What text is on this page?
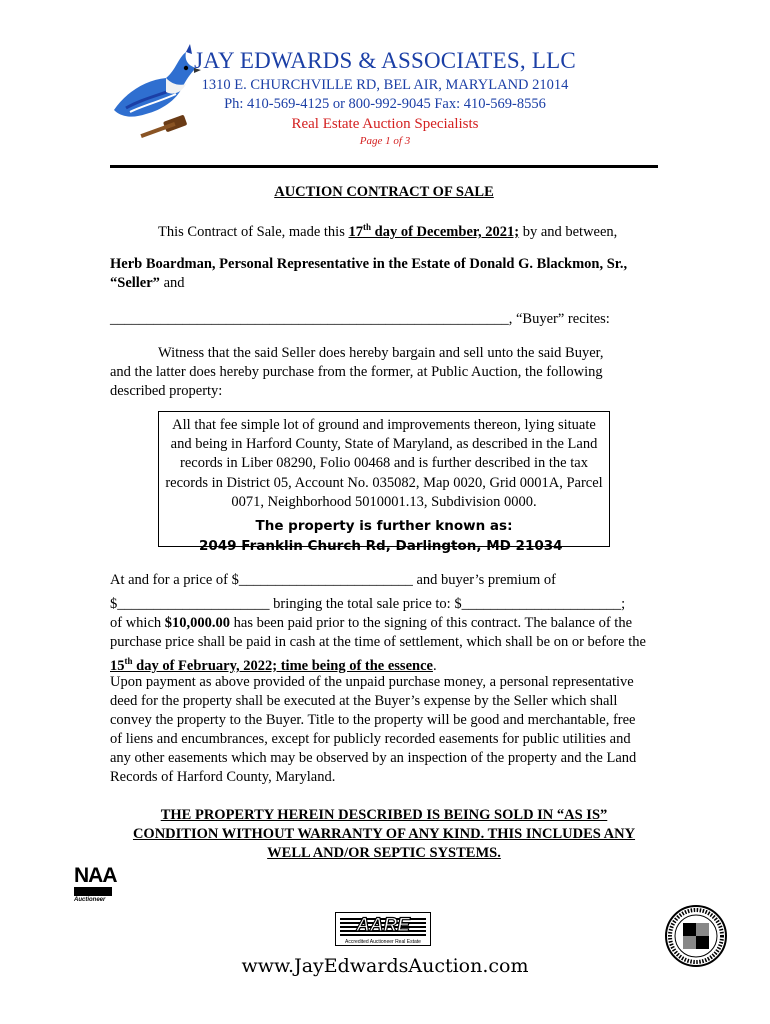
JAY EDWARDS & ASSOCIATES, LLC
1310 E. CHURCHVILLE RD, BEL AIR, MARYLAND 21014
Ph: 410-569-4125 or 800-992-9045 Fax: 410-569-8556
Real Estate Auction Specialists
Page 1 of 3
AUCTION CONTRACT OF SALE
This Contract of Sale, made this 17th day of December, 2021; by and between,
Herb Boardman, Personal Representative in the Estate of Donald G. Blackmon, Sr.,
“Seller” and
_______________________________________________________, “Buyer” recites:
Witness that the said Seller does hereby bargain and sell unto the said Buyer, and the latter does hereby purchase from the former, at Public Auction, the following described property:
All that fee simple lot of ground and improvements thereon, lying situate and being in Harford County, State of Maryland, as described in the Land records in Liber 08290, Folio 00468 and is further described in the tax records in District 05, Account No. 035082, Map 0020, Grid 0001A, Parcel 0071, Neighborhood 5010001.13, Subdivision 0000.
The property is further known as:
2049 Franklin Church Rd, Darlington, MD 21034
At and for a price of $________________________ and buyer’s premium of
$_____________________ bringing the total sale price to: $______________________;
of which $10,000.00 has been paid prior to the signing of this contract. The balance of the purchase price shall be paid in cash at the time of settlement, which shall be on or before the 15th day of February, 2022; time being of the essence.
Upon payment as above provided of the unpaid purchase money, a personal representative deed for the property shall be executed at the Buyer’s expense by the Seller which shall convey the property to the Buyer. Title to the property will be good and merchantable, free of liens and encumbrances, except for publicly recorded easements for public utilities and any other easements which may be observed by an inspection of the property and the Land Records of Harford County, Maryland.
THE PROPERTY HEREIN DESCRIBED IS BEING SOLD IN “AS IS”
CONDITION WITHOUT WARRANTY OF ANY KIND. THIS INCLUDES ANY
WELL AND/OR SEPTIC SYSTEMS.
NAA
Auctioneer
AARE
Accredited Auctioneer Real Estate
www.JayEdwardsAuction.com
